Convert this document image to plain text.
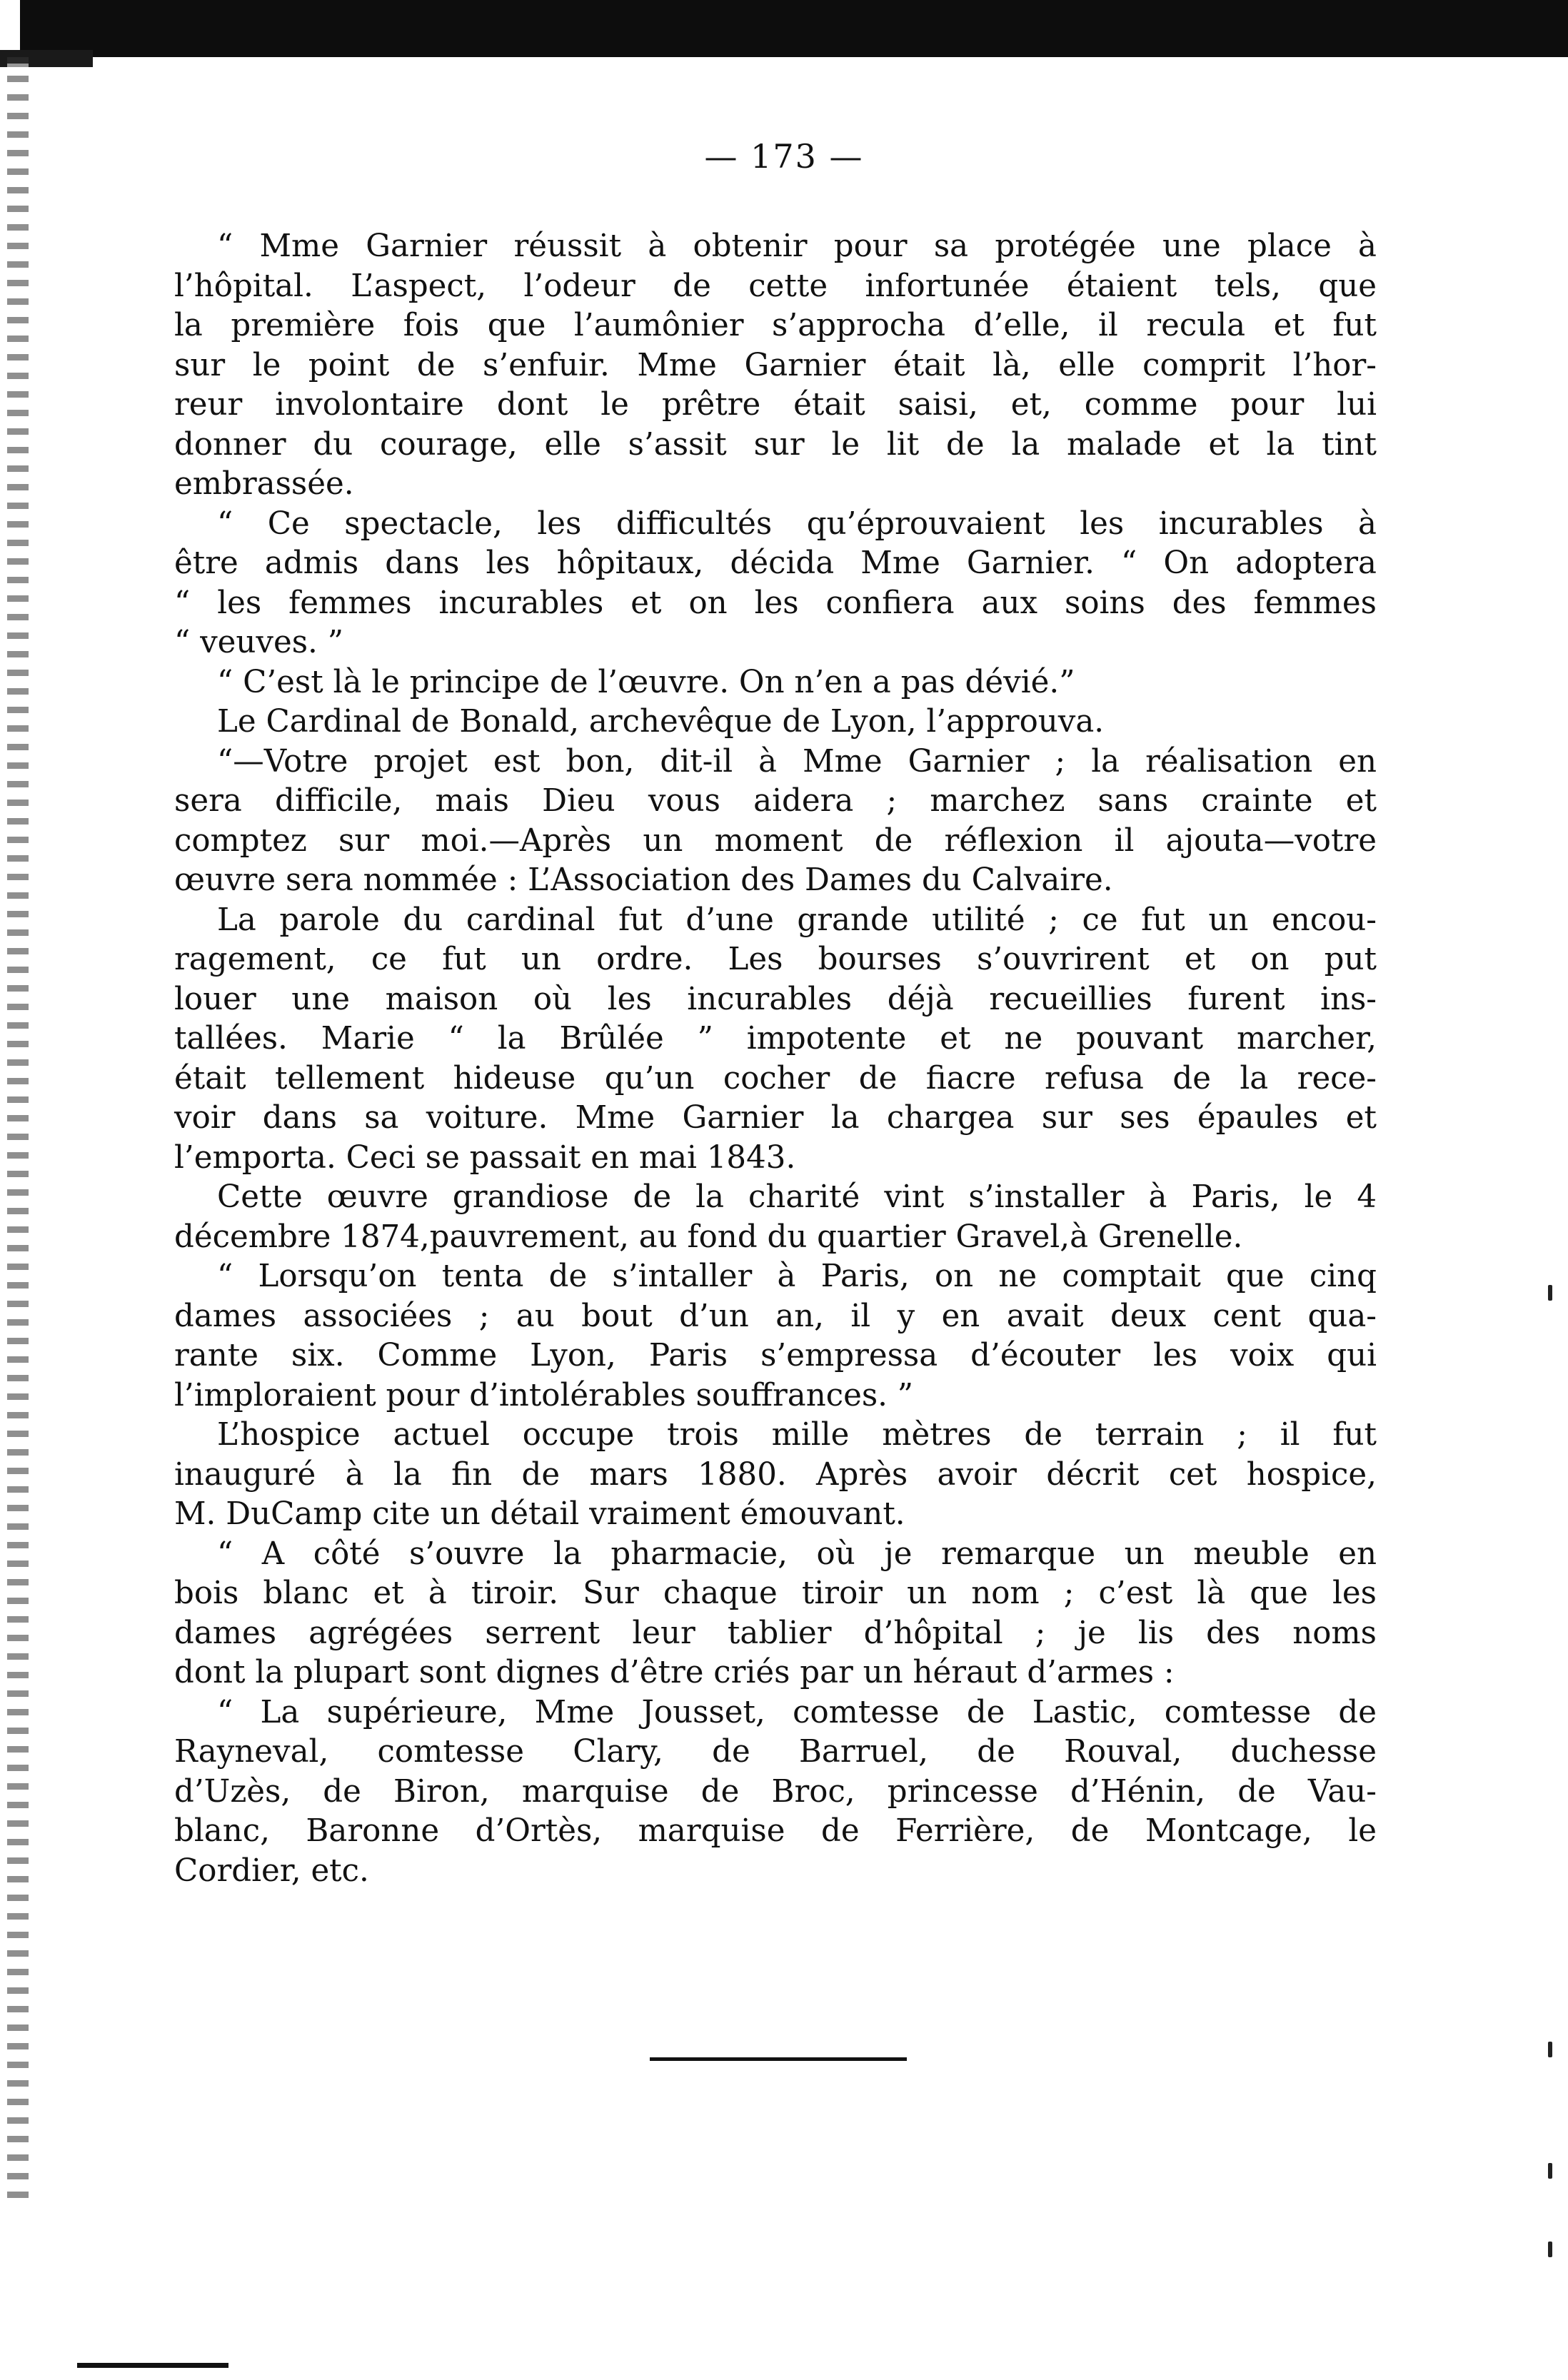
— 173 —
“ Mme Garnier réussit à obtenir pour sa protégée une place à
l’hôpital. L’aspect, l’odeur de cette infortunée étaient tels, que
la première fois que l’aumônier s’approcha d’elle, il recula et fut
sur le point de s’enfuir. Mme Garnier était là, elle comprit l’hor-
reur involontaire dont le prêtre était saisi, et, comme pour lui
donner du courage, elle s’assit sur le lit de la malade et la tint
embrassée.
“ Ce spectacle, les difficultés qu’éprouvaient les incurables à
être admis dans les hôpitaux, décida Mme Garnier. “ On adoptera
“ les femmes incurables et on les confiera aux soins des femmes
“ veuves. ”
“ C’est là le principe de l’œuvre. On n’en a pas dévié.”
Le Cardinal de Bonald, archevêque de Lyon, l’approuva.
“—Votre projet est bon, dit-il à Mme Garnier ; la réalisation en
sera difficile, mais Dieu vous aidera ; marchez sans crainte et
comptez sur moi.—Après un moment de réflexion il ajouta—votre
œuvre sera nommée : L’Association des Dames du Calvaire.
La parole du cardinal fut d’une grande utilité ; ce fut un encou-
ragement, ce fut un ordre. Les bourses s’ouvrirent et on put
louer une maison où les incurables déjà recueillies furent ins-
tallées. Marie “ la Brûlée ” impotente et ne pouvant marcher,
était tellement hideuse qu’un cocher de fiacre refusa de la rece-
voir dans sa voiture. Mme Garnier la chargea sur ses épaules et
l’emporta. Ceci se passait en mai 1843.
Cette œuvre grandiose de la charité vint s’installer à Paris, le 4
décembre 1874,pauvrement, au fond du quartier Gravel,à Grenelle.
“ Lorsqu’on tenta de s’intaller à Paris, on ne comptait que cinq
dames associées ; au bout d’un an, il y en avait deux cent qua-
rante six. Comme Lyon, Paris s’empressa d’écouter les voix qui
l’imploraient pour d’intolérables souffrances. ”
L’hospice actuel occupe trois mille mètres de terrain ; il fut
inauguré à la fin de mars 1880. Après avoir décrit cet hospice,
M. DuCamp cite un détail vraiment émouvant.
“ A côté s’ouvre la pharmacie, où je remarque un meuble en
bois blanc et à tiroir. Sur chaque tiroir un nom ; c’est là que les
dames agrégées serrent leur tablier d’hôpital ; je lis des noms
dont la plupart sont dignes d’être criés par un héraut d’armes :
“ La supérieure, Mme Jousset, comtesse de Lastic, comtesse de
Rayneval, comtesse Clary, de Barruel, de Rouval, duchesse
d’Uzès, de Biron, marquise de Broc, princesse d’Hénin, de Vau-
blanc, Baronne d’Ortès, marquise de Ferrière, de Montcage, le
Cordier, etc.
